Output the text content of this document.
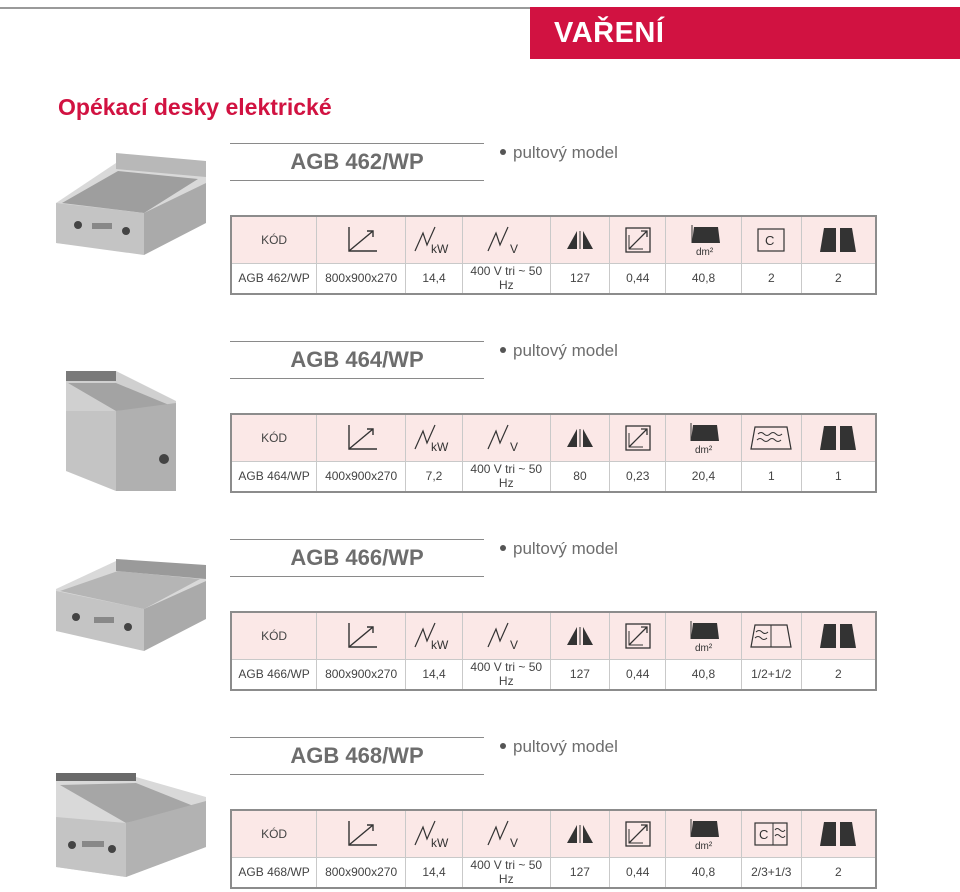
VAŘENÍ
Opékací desky elektrické
AGB 462/WP	pultový model
KÓD		kW	V			dm²	C

AGB 462/WP	800x900x270	14,4	400 V tri ~ 50 Hz	127	0,44	40,8	2	2
AGB 464/WP	pultový model
KÓD		kW	V			dm²

AGB 464/WP	400x900x270	7,2	400 V tri ~ 50 Hz	80	0,23	20,4	1	1
AGB 466/WP	pultový model
KÓD		kW	V			dm²

AGB 466/WP	800x900x270	14,4	400 V tri ~ 50 Hz	127	0,44	40,8	1/2+1/2	2
AGB 468/WP	pultový model
KÓD		kW	V			dm²	C

AGB 468/WP	800x900x270	14,4	400 V tri ~ 50 Hz	127	0,44	40,8	2/3+1/3	2
